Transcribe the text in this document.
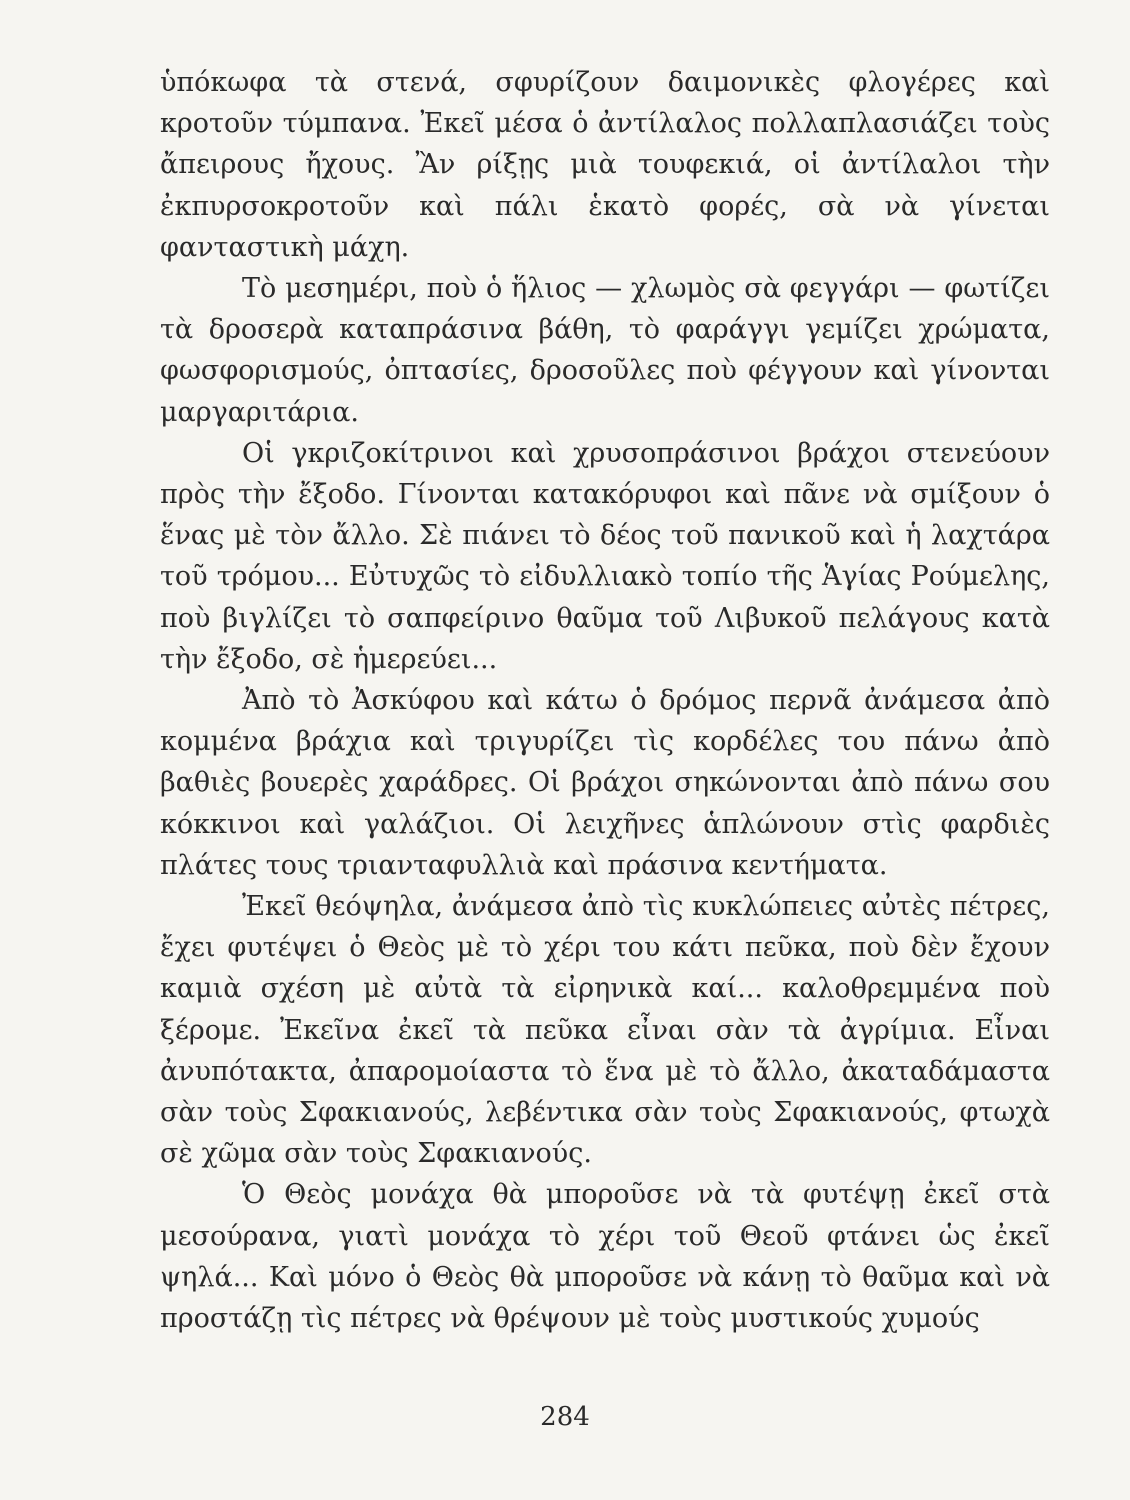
ὑπόκωφα τὰ στενά, σφυρίζουν δαιμονικὲς φλογέρες καὶ κροτοῦν τύμπανα. Ἐκεῖ μέσα ὁ ἀντίλαλος πολλαπλασιάζει τοὺς ἄπειρους ἤχους. Ἂν ρίξῃς μιὰ τουφεκιά, οἱ ἀντίλαλοι τὴν ἐκπυρσοκροτοῦν καὶ πάλι ἑκατὸ φορές, σὰ νὰ γίνεται φανταστικὴ μάχη.

Τὸ μεσημέρι, ποὺ ὁ ἥλιος — χλωμὸς σὰ φεγγάρι — φωτίζει τὰ δροσερὰ καταπράσινα βάθη, τὸ φαράγγι γεμίζει χρώματα, φωσφορισμούς, ὀπτασίες, δροσοῦλες ποὺ φέγγουν καὶ γίνονται μαργαριτάρια.

Οἱ γκριζοκίτρινοι καὶ χρυσοπράσινοι βράχοι στενεύουν πρὸς τὴν ἔξοδο. Γίνονται κατακόρυφοι καὶ πᾶνε νὰ σμίξουν ὁ ἕνας μὲ τὸν ἄλλο. Σὲ πιάνει τὸ δέος τοῦ πανικοῦ καὶ ἡ λαχτάρα τοῦ τρόμου... Εὐτυχῶς τὸ εἰδυλλιακὸ τοπίο τῆς Ἁγίας Ρούμελης, ποὺ βιγλίζει τὸ σαπφείρινο θαῦμα τοῦ Λιβυκοῦ πελάγους κατὰ τὴν ἔξοδο, σὲ ἡμερεύει...

Ἀπὸ τὸ Ἀσκύφου καὶ κάτω ὁ δρόμος περνᾶ ἀνάμεσα ἀπὸ κομμένα βράχια καὶ τριγυρίζει τὶς κορδέλες του πάνω ἀπὸ βαθιὲς βουερὲς χαράδρες. Οἱ βράχοι σηκώνονται ἀπὸ πάνω σου κόκκινοι καὶ γαλάζιοι. Οἱ λειχῆνες ἁπλώνουν στὶς φαρδιὲς πλάτες τους τριανταφυλλιὰ καὶ πράσινα κεντήματα.

Ἐκεῖ θεόψηλα, ἀνάμεσα ἀπὸ τὶς κυκλώπειες αὐτὲς πέτρες, ἔχει φυτέψει ὁ Θεὸς μὲ τὸ χέρι του κάτι πεῦκα, ποὺ δὲν ἔχουν καμιὰ σχέση μὲ αὐτὰ τὰ εἰρηνικὰ καί... καλοθρεμμένα ποὺ ξέρομε. Ἐκεῖνα ἐκεῖ τὰ πεῦκα εἶναι σὰν τὰ ἀγρίμια. Εἶναι ἀνυπότακτα, ἀπαρομοίαστα τὸ ἕνα μὲ τὸ ἄλλο, ἀκαταδάμαστα σὰν τοὺς Σφακιανούς, λεβέντικα σὰν τοὺς Σφακιανούς, φτωχὰ σὲ χῶμα σὰν τοὺς Σφακιανούς.

Ὁ Θεὸς μονάχα θὰ μποροῦσε νὰ τὰ φυτέψῃ ἐκεῖ στὰ μεσούρανα, γιατὶ μονάχα τὸ χέρι τοῦ Θεοῦ φτάνει ὡς ἐκεῖ ψηλά... Καὶ μόνο ὁ Θεὸς θὰ μποροῦσε νὰ κάνῃ τὸ θαῦμα καὶ νὰ προστάζῃ τὶς πέτρες νὰ θρέψουν μὲ τοὺς μυστικούς χυμούς

284
